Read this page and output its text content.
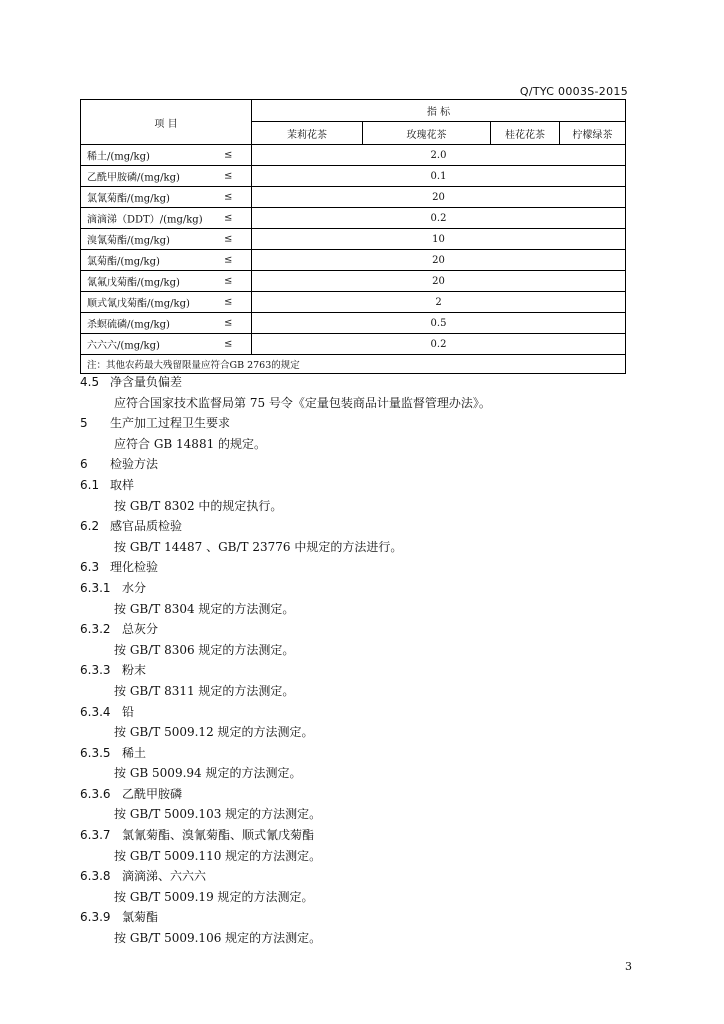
Q/TYC 0003S-2015
项 目	指 标			
	茉莉花茶	玫瑰花茶	桂花花茶	柠檬绿茶

稀土/(mg/kg) ≤	2.0			

乙酰甲胺磷/(mg/kg) ≤	0.1			

氯氰菊酯/(mg/kg) ≤	20			

滴滴涕（DDT）/(mg/kg) ≤	0.2			

溴氰菊酯/(mg/kg) ≤	10			

氯菊酯/(mg/kg) ≤	20			

氰氟戊菊酯/(mg/kg) ≤	20			

顺式氰戊菊酯/(mg/kg) ≤	2			

杀螟硫磷/(mg/kg) ≤	0.5			

六六六/(mg/kg) ≤	0.2			
注：其他农药最大残留限量应符合GB 2763的规定				

4.5 净含量负偏差

应符合国家技术监督局第 75 号令《定量包装商品计量监督管理办法》。

5 生产加工过程卫生要求

应符合 GB 14881 的规定。

6 检验方法

6.1 取样

按 GB/T 8302 中的规定执行。

6.2 感官品质检验

按 GB/T 14487 、GB/T 23776 中规定的方法进行。

6.3 理化检验

6.3.1 水分

按 GB/T 8304 规定的方法测定。

6.3.2 总灰分

按 GB/T 8306 规定的方法测定。

6.3.3 粉末

按 GB/T 8311 规定的方法测定。

6.3.4 铅

按 GB/T 5009.12 规定的方法测定。

6.3.5 稀土

按 GB 5009.94 规定的方法测定。

6.3.6 乙酰甲胺磷

按 GB/T 5009.103 规定的方法测定。

6.3.7 氯氰菊酯、溴氰菊酯、顺式氰戊菊酯

按 GB/T 5009.110 规定的方法测定。

6.3.8 滴滴涕、六六六

按 GB/T 5009.19 规定的方法测定。

6.3.9 氯菊酯

按 GB/T 5009.106 规定的方法测定。

3
